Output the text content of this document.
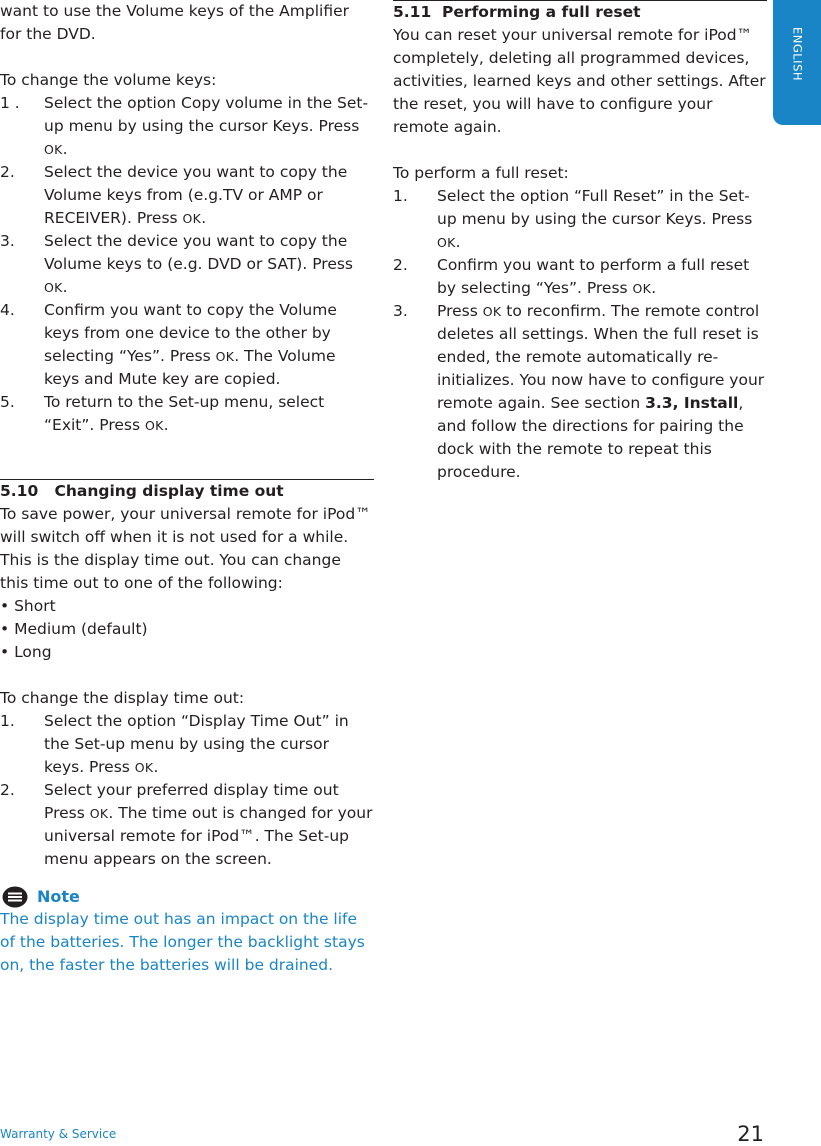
want to use the Volume keys of the Amplifier for the DVD.

To change the volume keys:

1 . Select the option Copy volume in the Set-up menu by using the cursor Keys. Press OK.
2. Select the device you want to copy the Volume keys from (e.g.TV or AMP or RECEIVER). Press OK.
3. Select the device you want to copy the Volume keys to (e.g. DVD or SAT). Press OK.
4. Confirm you want to copy the Volume keys from one device to the other by selecting “Yes”. Press OK. The Volume keys and Mute key are copied.
5. To return to the Set-up menu, select “Exit”. Press OK.

5.10 Changing display time out

To save power, your universal remote for iPod™ will switch off when it is not used for a while. This is the display time out. You can change this time out to one of the following:

• Short

• Medium (default)

• Long

To change the display time out:

1. Select the option “Display Time Out” in the Set-up menu by using the cursor keys. Press OK.
2. Select your preferred display time out Press OK. The time out is changed for your universal remote for iPod™. The Set-up menu appears on the screen.
Note

The display time out has an impact on the life of the batteries. The longer the backlight stays on, the faster the batteries will be drained.

5.11 Performing a full reset

You can reset your universal remote for iPod™ completely, deleting all programmed devices, activities, learned keys and other settings. After the reset, you will have to configure your remote again.

To perform a full reset:

1. Select the option “Full Reset” in the Set-up menu by using the cursor Keys. Press OK.
2. Confirm you want to perform a full reset by selecting “Yes”. Press OK.
3. Press OK to reconfirm. The remote control deletes all settings. When the full reset is ended, the remote automatically re-initializes. You now have to configure your remote again. See section 3.3, Install, and follow the directions for pairing the dock with the remote to repeat this procedure.
ENGLISH
Warranty & Service	21
